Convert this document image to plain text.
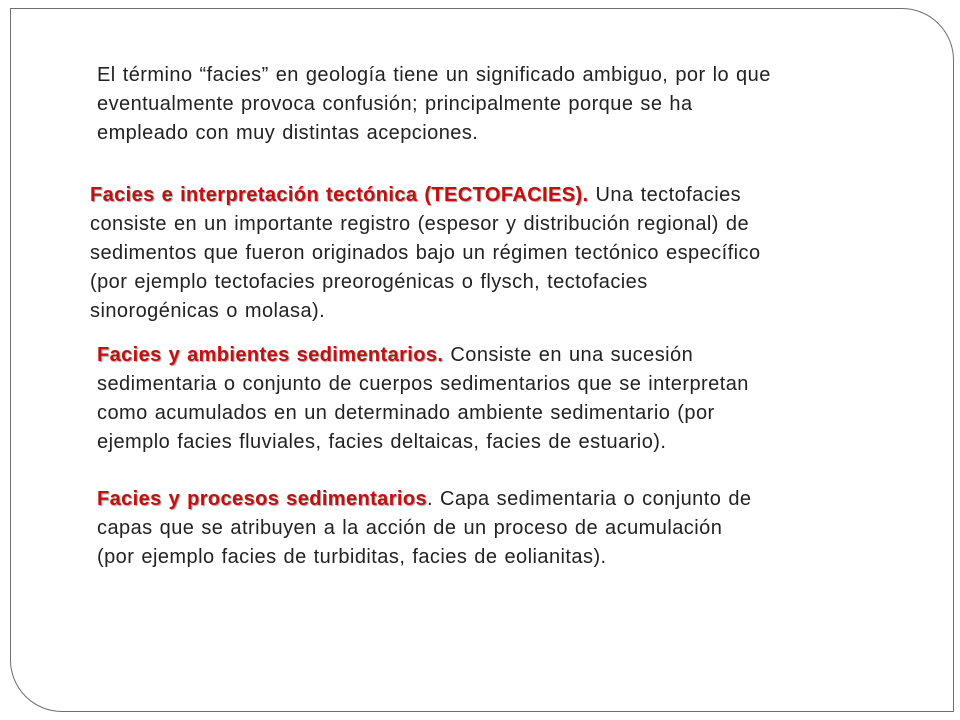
El término “facies” en geología tiene un significado ambiguo, por lo que
eventualmente provoca confusión; principalmente porque se ha
empleado con muy distintas acepciones.

Facies e interpretación tectónica (TECTOFACIES). Una tectofacies
consiste en un importante registro (espesor y distribución regional) de
sedimentos que fueron originados bajo un régimen tectónico específico
(por ejemplo tectofacies preorogénicas o flysch, tectofacies
sinorogénicas o molasa).

Facies y ambientes sedimentarios. Consiste en una sucesión
sedimentaria o conjunto de cuerpos sedimentarios que se interpretan
como acumulados en un determinado ambiente sedimentario (por
ejemplo facies fluviales, facies deltaicas, facies de estuario).

Facies y procesos sedimentarios. Capa sedimentaria o conjunto de
capas que se atribuyen a la acción de un proceso de acumulación
(por ejemplo facies de turbiditas, facies de eolianitas).
